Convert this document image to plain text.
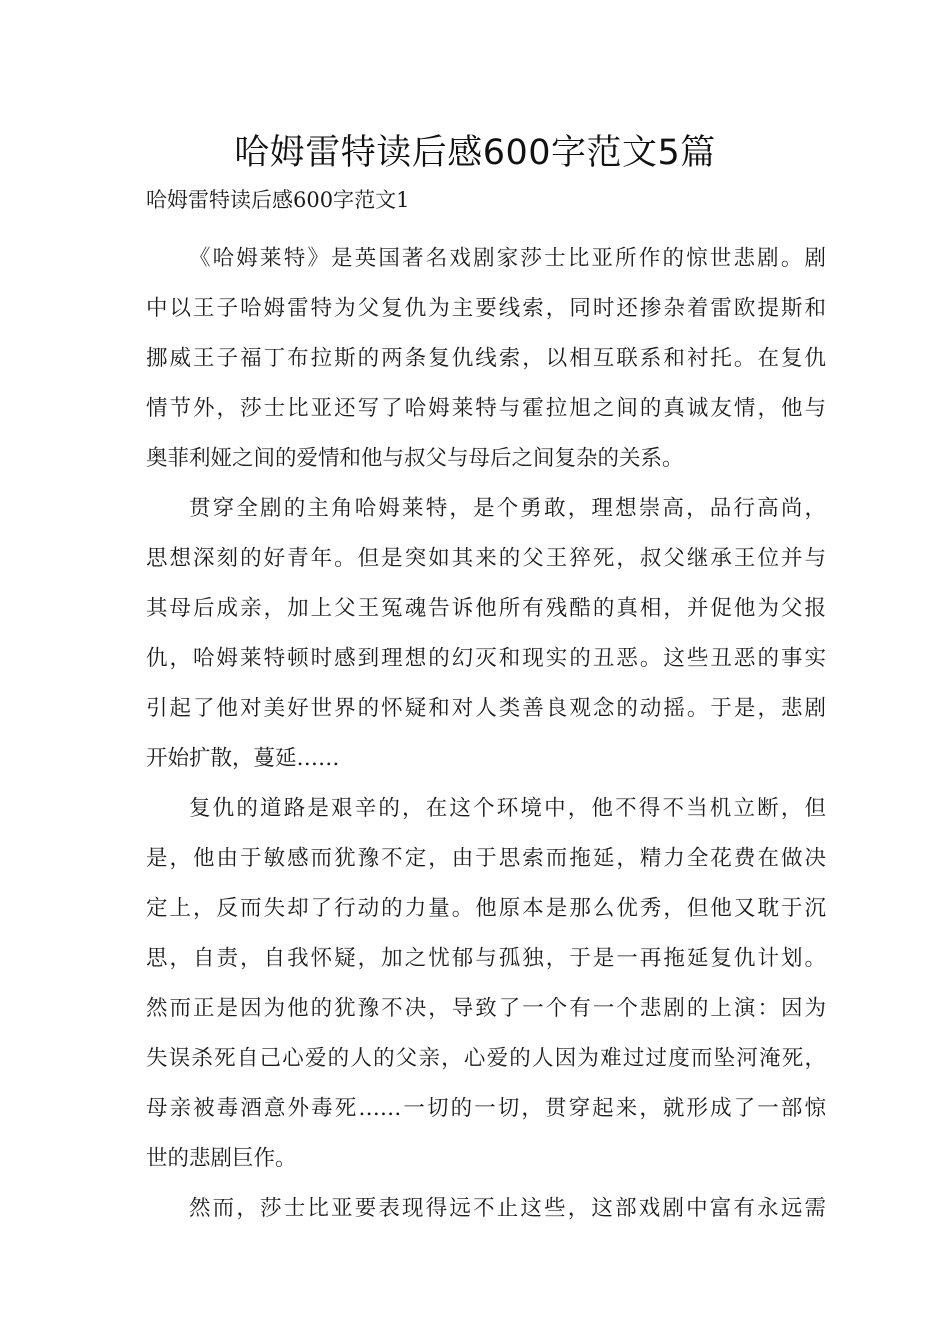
哈姆雷特读后感600字范文5篇
哈姆雷特读后感600字范文1
《哈姆莱特》是英国著名戏剧家莎士比亚所作的惊世悲剧。剧
中以王子哈姆雷特为父复仇为主要线索，同时还掺杂着雷欧提斯和
挪威王子福丁布拉斯的两条复仇线索，以相互联系和衬托。在复仇
情节外，莎士比亚还写了哈姆莱特与霍拉旭之间的真诚友情，他与
奥菲利娅之间的爱情和他与叔父与母后之间复杂的关系。
贯穿全剧的主角哈姆莱特，是个勇敢，理想崇高，品行高尚，
思想深刻的好青年。但是突如其来的父王猝死，叔父继承王位并与
其母后成亲，加上父王冤魂告诉他所有残酷的真相，并促他为父报
仇，哈姆莱特顿时感到理想的幻灭和现实的丑恶。这些丑恶的事实
引起了他对美好世界的怀疑和对人类善良观念的动摇。于是，悲剧
开始扩散，蔓延……
复仇的道路是艰辛的，在这个环境中，他不得不当机立断，但
是，他由于敏感而犹豫不定，由于思索而拖延，精力全花费在做决
定上，反而失却了行动的力量。他原本是那么优秀，但他又耽于沉
思，自责，自我怀疑，加之忧郁与孤独，于是一再拖延复仇计划。
然而正是因为他的犹豫不决，导致了一个有一个悲剧的上演：因为
失误杀死自己心爱的人的父亲，心爱的人因为难过过度而坠河淹死，
母亲被毒酒意外毒死……一切的一切，贯穿起来，就形成了一部惊
世的悲剧巨作。
然而，莎士比亚要表现得远不止这些，这部戏剧中富有永远需
